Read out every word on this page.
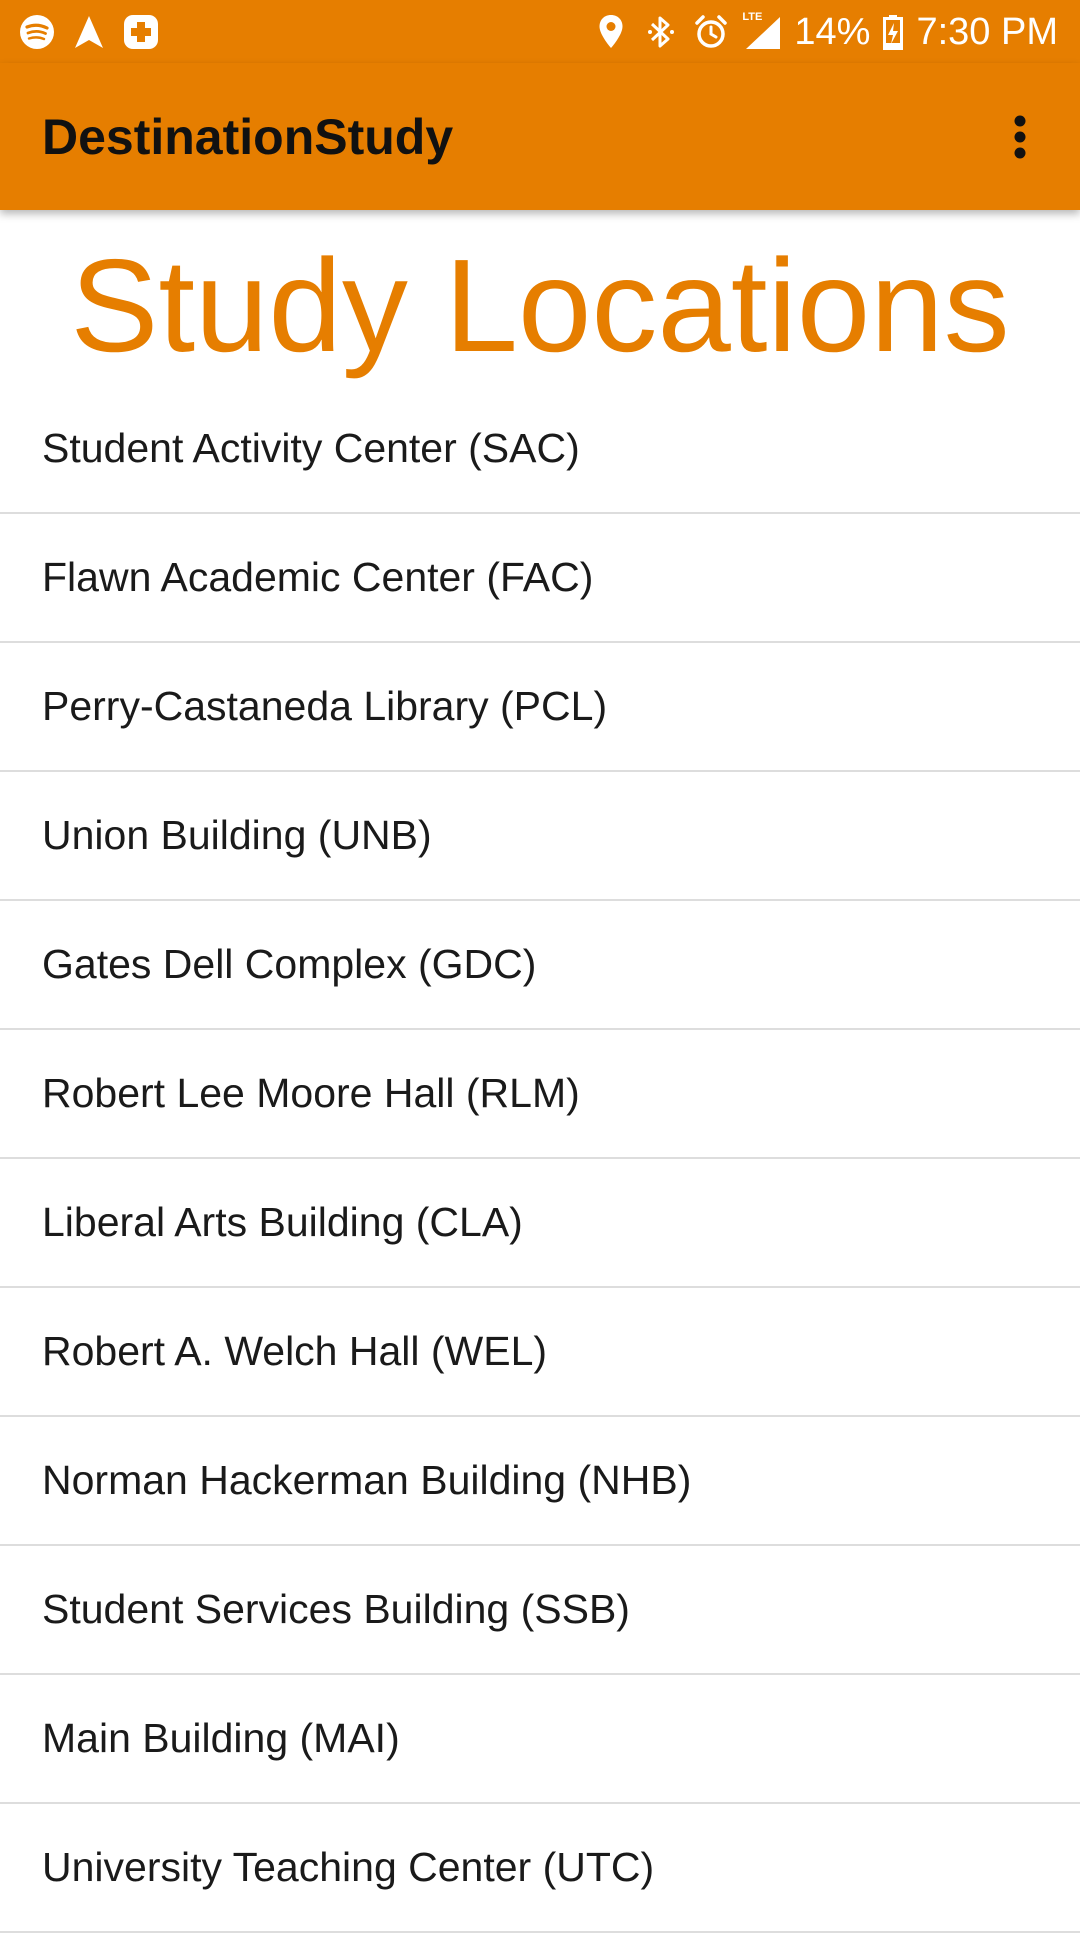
LTE 14% 7:30 PM
DestinationStudy
Study Locations
Student Activity Center (SAC)
Flawn Academic Center (FAC)
Perry-Castaneda Library (PCL)
Union Building (UNB)
Gates Dell Complex (GDC)
Robert Lee Moore Hall (RLM)
Liberal Arts Building (CLA)
Robert A. Welch Hall (WEL)
Norman Hackerman Building (NHB)
Student Services Building (SSB)
Main Building (MAI)
University Teaching Center (UTC)
